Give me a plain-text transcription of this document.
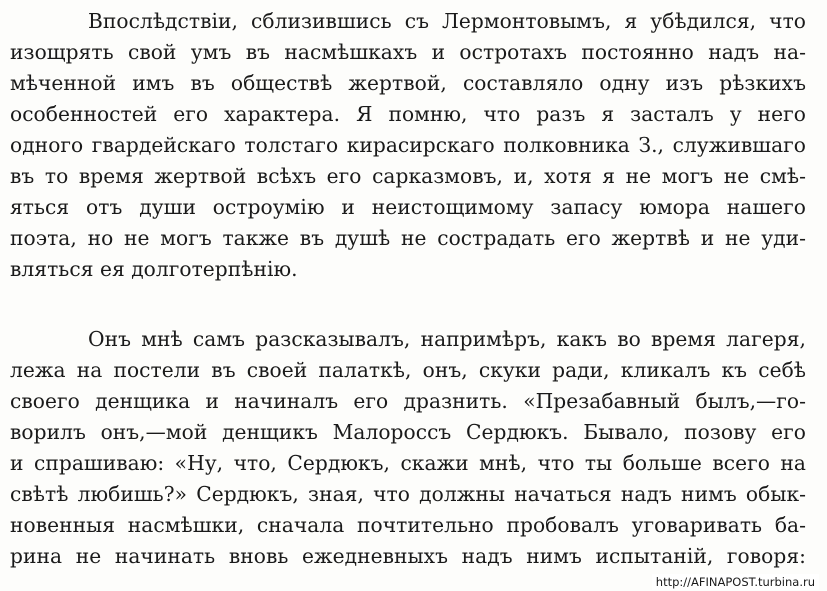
Впослѣдствіи, сблизившись съ Лермонтовымъ, я убѣдился, что
изощрять свой умъ въ насмѣшкахъ и остротахъ постоянно надъ на-
мѣченной имъ въ обществѣ жертвой, составляло одну изъ рѣзкихъ
особенностей его характера. Я помню, что разъ я засталъ у него
одного гвардейскаго толстаго кирасирскаго полковника З., служившаго
въ то время жертвой всѣхъ его сарказмовъ, и, хотя я не могъ не смѣ-
яться отъ души остроумію и неистощимому запасу юмора нашего
поэта, но не могъ также въ душѣ не сострадать его жертвѣ и не уди-
вляться ея долготерпѣнію.
Онъ мнѣ самъ разсказывалъ, напримѣръ, какъ во время лагеря,
лежа на постели въ своей палаткѣ, онъ, скуки ради, кликалъ къ себѣ
своего денщика и начиналъ его дразнить. «Презабавный былъ,—го-
ворилъ онъ,—мой денщикъ Малороссъ Сердюкъ. Бывало, позову его
и спрашиваю: «Ну, что, Сердюкъ, скажи мнѣ, что ты больше всего на
свѣтѣ любишь?» Сердюкъ, зная, что должны начаться надъ нимъ обык-
новенныя насмѣшки, сначала почтительно пробовалъ уговаривать ба-
рина не начинать вновь ежедневныхъ надъ нимъ испытаній, говоря:
http://AFINAPOST.turbina.ru
